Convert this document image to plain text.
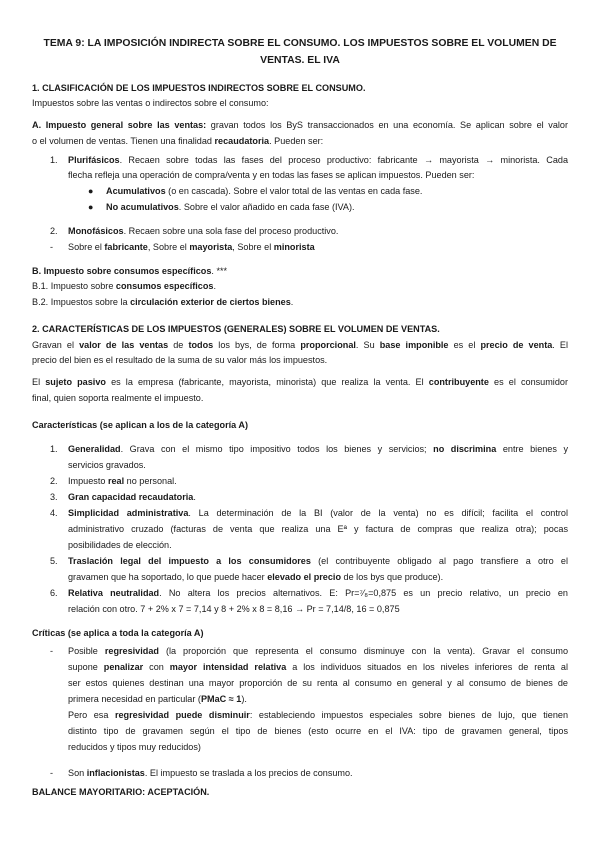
TEMA 9: LA IMPOSICIÓN INDIRECTA SOBRE EL CONSUMO. LOS IMPUESTOS SOBRE EL VOLUMEN DE
VENTAS. EL IVA
1. CLASIFICACIÓN DE LOS IMPUESTOS INDIRECTOS SOBRE EL CONSUMO.
Impuestos sobre las ventas o indirectos sobre el consumo:
A. Impuesto general sobre las ventas: gravan todos los ByS transaccionados en una economía. Se aplican sobre el valor
o el volumen de ventas. Tienen una finalidad recaudatoria. Pueden ser:
1. Plurifásicos. Recaen sobre todas las fases del proceso productivo: fabricante → mayorista → minorista. Cada
flecha refleja una operación de compra/venta y en todas las fases se aplican impuestos. Pueden ser:
● Acumulativos (o en cascada). Sobre el valor total de las ventas en cada fase.
● No acumulativos. Sobre el valor añadido en cada fase (IVA).
2. Monofásicos. Recaen sobre una sola fase del proceso productivo.
- Sobre el fabricante, Sobre el mayorista, Sobre el minorista
B. Impuesto sobre consumos específicos. ***
B.1. Impuesto sobre consumos específicos.
B.2. Impuestos sobre la circulación exterior de ciertos bienes.
2. CARACTERÍSTICAS DE LOS IMPUESTOS (GENERALES) SOBRE EL VOLUMEN DE VENTAS.
Gravan el valor de las ventas de todos los bys, de forma proporcional. Su base imponible es el precio de venta. El
precio del bien es el resultado de la suma de su valor más los impuestos.
El sujeto pasivo es la empresa (fabricante, mayorista, minorista) que realiza la venta. El contribuyente es el consumidor
final, quien soporta realmente el impuesto.
Características (se aplican a los de la categoría A)
1. Generalidad. Grava con el mismo tipo impositivo todos los bienes y servicios; no discrimina entre bienes y
servicios gravados.
2. Impuesto real no personal.
3. Gran capacidad recaudatoria.
4. Simplicidad administrativa. La determinación de la BI (valor de la venta) no es difícil; facilita el control
administrativo cruzado (facturas de venta que realiza una Eª y factura de compras que realiza otra); pocas
posibilidades de elección.
5. Traslación legal del impuesto a los consumidores (el contribuyente obligado al pago transfiere a otro el
gravamen que ha soportado, lo que puede hacer elevado el precio de los bys que produce).
6. Relativa neutralidad. No altera los precios alternativos. E: Pr=⁷⁄₈=0,875 es un precio relativo, un precio en
relación con otro. 7 + 2% x 7 = 7,14 y 8 + 2% x 8 = 8,16 → Pr = 7,14/8, 16 = 0,875
Críticas (se aplica a toda la categoría A)
- Posible regresividad (la proporción que representa el consumo disminuye con la venta). Gravar el consumo
supone penalizar con mayor intensidad relativa a los individuos situados en los niveles inferiores de renta al
ser estos quienes destinan una mayor proporción de su renta al consumo en general y al consumo de bienes de
primera necesidad en particular (PMaC ≈ 1).
Pero esa regresividad puede disminuir: estableciendo impuestos especiales sobre bienes de lujo, que tienen
distinto tipo de gravamen según el tipo de bienes (esto ocurre en el IVA: tipo de gravamen general, tipos
reducidos y tipos muy reducidos)
- Son inflacionistas. El impuesto se traslada a los precios de consumo.
BALANCE MAYORITARIO: ACEPTACIÓN.
